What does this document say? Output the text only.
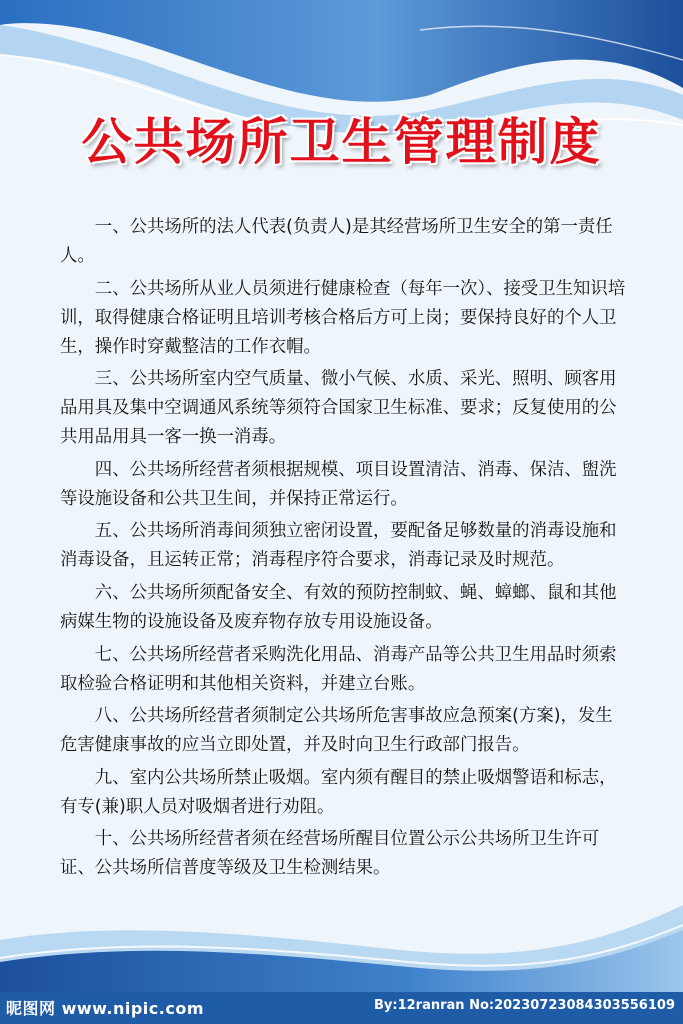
公共场所卫生管理制度

一、公共场所的法人代表(负责人)是其经营场所卫生安全的第一责任人。

二、公共场所从业人员须进行健康检查（每年一次）、接受卫生知识培训，取得健康合格证明且培训考核合格后方可上岗；要保持良好的个人卫生，操作时穿戴整洁的工作衣帽。

三、公共场所室内空气质量、微小气候、水质、采光、照明、顾客用品用具及集中空调通风系统等须符合国家卫生标准、要求；反复使用的公共用品用具一客一换一消毒。

四、公共场所经营者须根据规模、项目设置清洁、消毒、保洁、盥洗等设施设备和公共卫生间，并保持正常运行。

五、公共场所消毒间须独立密闭设置，要配备足够数量的消毒设施和消毒设备，且运转正常；消毒程序符合要求，消毒记录及时规范。

六、公共场所须配备安全、有效的预防控制蚊、蝇、蟑螂、鼠和其他病媒生物的设施设备及废弃物存放专用设施设备。

七、公共场所经营者采购洗化用品、消毒产品等公共卫生用品时须索取检验合格证明和其他相关资料，并建立台账。

八、公共场所经营者须制定公共场所危害事故应急预案(方案)，发生危害健康事故的应当立即处置，并及时向卫生行政部门报告。

九、室内公共场所禁止吸烟。室内须有醒目的禁止吸烟警语和标志，有专(兼)职人员对吸烟者进行劝阻。

十、公共场所经营者须在经营场所醒目位置公示公共场所卫生许可证、公共场所信普度等级及卫生检测结果。

昵图网 www.nipic.com	By:12ranran No:20230723084303556109
